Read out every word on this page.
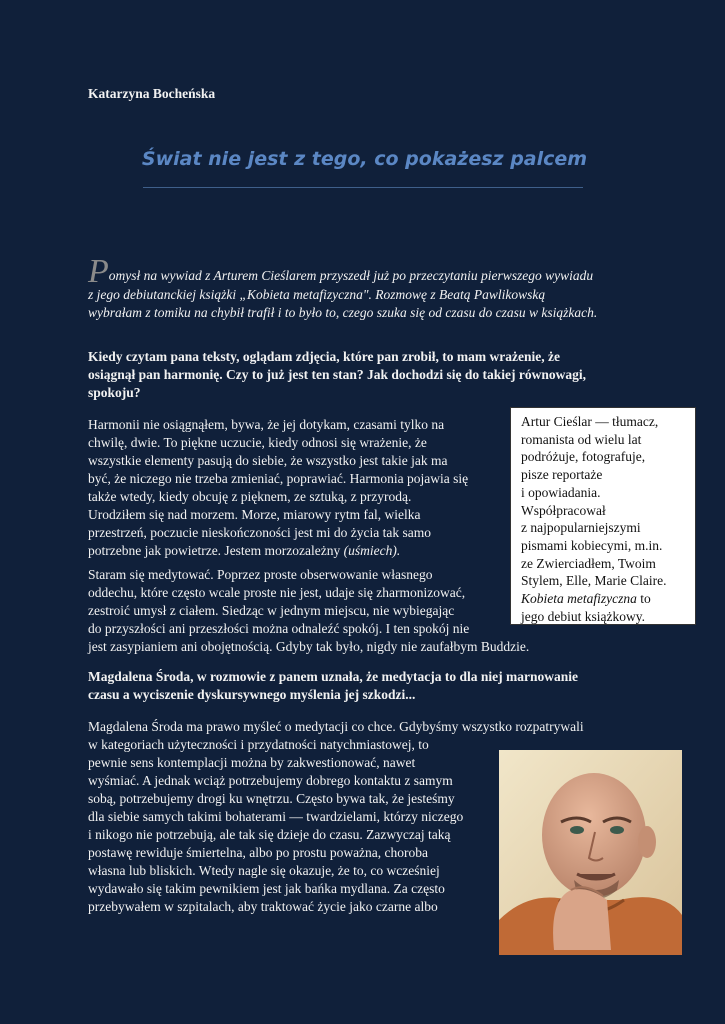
Katarzyna Bocheńska
Świat nie jest z tego, co pokażesz palcem

Pomysł na wywiad z Arturem Cieślarem przyszedł już po przeczytaniu pierwszego wywiadu

z jego debiutanckiej książki „Kobieta metafizyczna". Rozmowę z Beatą Pawlikowską

wybrałam z tomiku na chybił trafił i to było to, czego szuka się od czasu do czasu w książkach.

Kiedy czytam pana teksty, oglądam zdjęcia, które pan zrobił, to mam wrażenie, że

osiągnął pan harmonię. Czy to już jest ten stan? Jak dochodzi się do takiej równowagi,

spokoju?

Harmonii nie osiągnąłem, bywa, że jej dotykam, czasami tylko na

chwilę, dwie. To piękne uczucie, kiedy odnosi się wrażenie, że

wszystkie elementy pasują do siebie, że wszystko jest takie jak ma

być, że niczego nie trzeba zmieniać, poprawiać. Harmonia pojawia się

także wtedy, kiedy obcuję z pięknem, ze sztuką, z przyrodą.

Urodziłem się nad morzem. Morze, miarowy rytm fal, wielka

przestrzeń, poczucie nieskończoności jest mi do życia tak samo

potrzebne jak powietrze. Jestem morzozależny (uśmiech).

Staram się medytować. Poprzez proste obserwowanie własnego

oddechu, które często wcale proste nie jest, udaje się zharmonizować,

zestroić umysł z ciałem. Siedząc w jednym miejscu, nie wybiegając

do przyszłości ani przeszłości można odnaleźć spokój. I ten spokój nie

jest zasypianiem ani obojętnością. Gdyby tak było, nigdy nie zaufałbym Buddzie.

Artur Cieślar — tłumacz,

romanista od wielu lat

podróżuje, fotografuje,

pisze reportaże

i opowiadania.

Współpracował

z najpopularniejszymi

pismami kobiecymi, m.in.

ze Zwierciadłem, Twoim

Stylem, Elle, Marie Claire.

Kobieta metafizyczna to

jego debiut książkowy.

Magdalena Środa, w rozmowie z panem uznała, że medytacja to dla niej marnowanie

czasu a wyciszenie dyskursywnego myślenia jej szkodzi...

Magdalena Środa ma prawo myśleć o medytacji co chce. Gdybyśmy wszystko rozpatrywali

w kategoriach użyteczności i przydatności natychmiastowej, to

pewnie sens kontemplacji można by zakwestionować, nawet

wyśmiać. A jednak wciąż potrzebujemy dobrego kontaktu z samym

sobą, potrzebujemy drogi ku wnętrzu. Często bywa tak, że jesteśmy

dla siebie samych takimi bohaterami — twardzielami, którzy niczego

i nikogo nie potrzebują, ale tak się dzieje do czasu. Zazwyczaj taką

postawę rewiduje śmiertelna, albo po prostu poważna, choroba

własna lub bliskich. Wtedy nagle się okazuje, że to, co wcześniej

wydawało się takim pewnikiem jest jak bańka mydlana. Za często

przebywałem w szpitalach, aby traktować życie jako czarne albo
